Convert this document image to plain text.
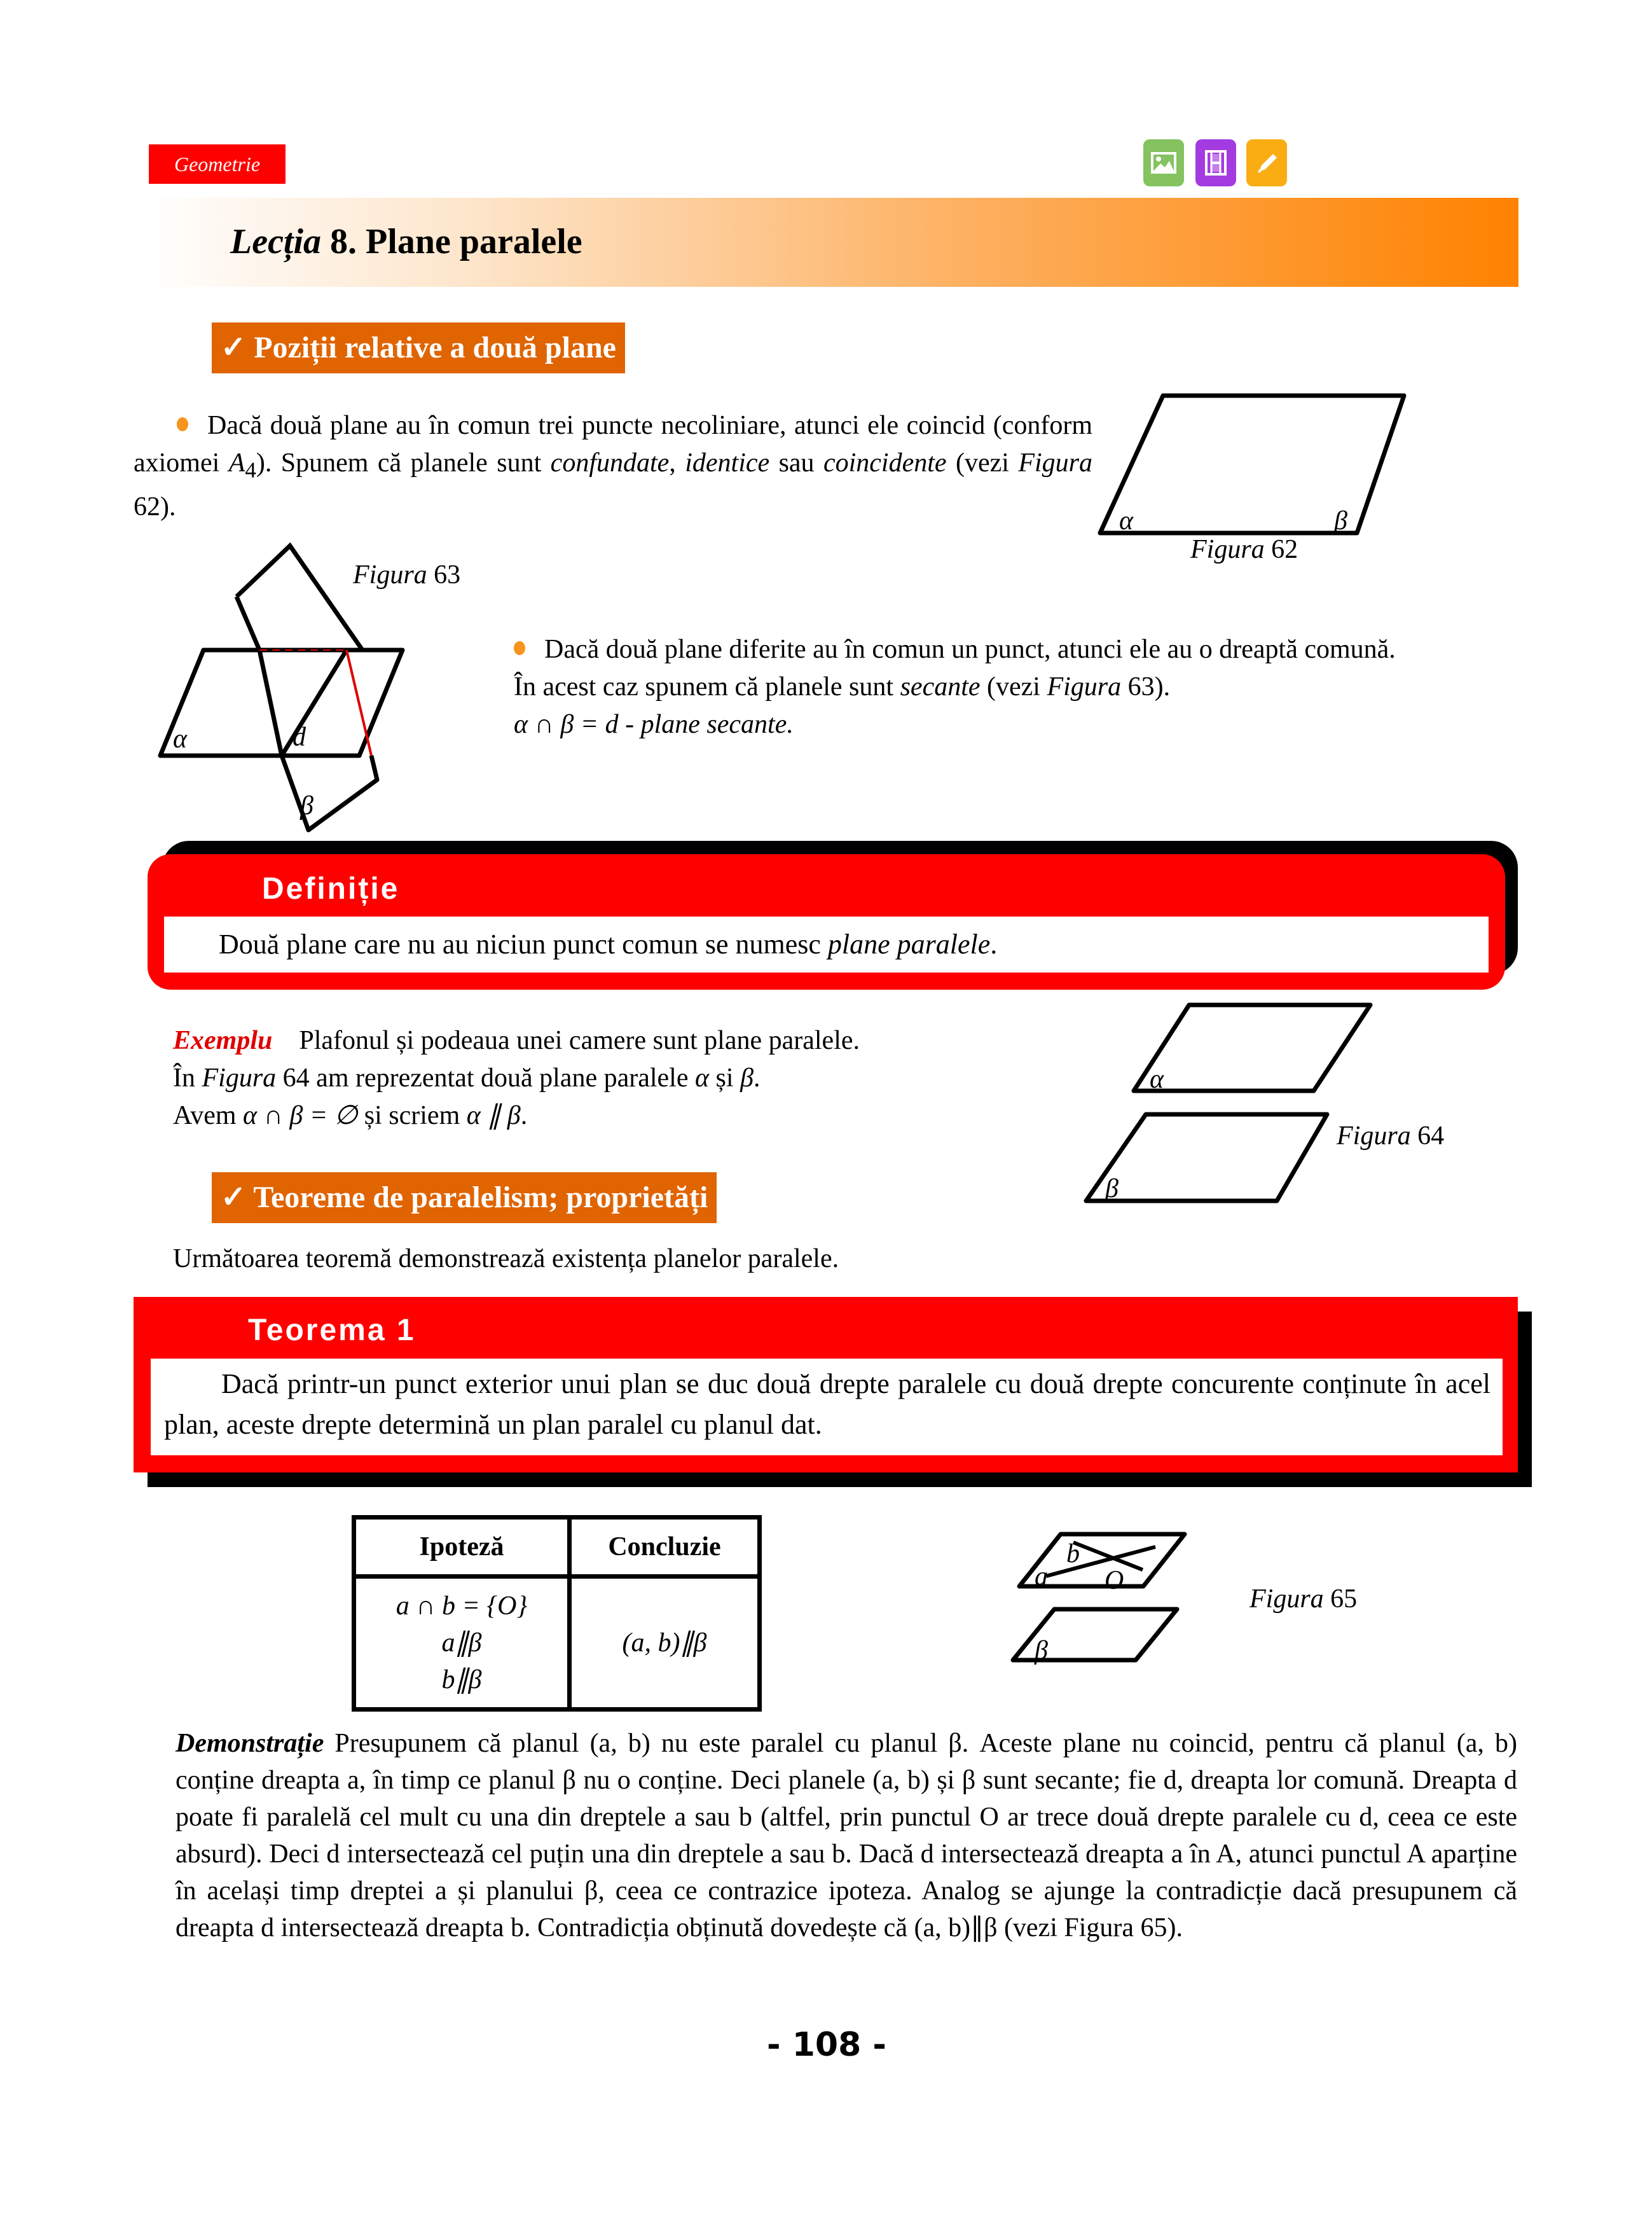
Geometrie
Lecția 8. Plane paralele
✓ Poziții relative a două plane
Dacă două plane au în comun trei puncte necoliniare, atunci ele coincid (conform axiomei $A_4$). Spunem că planele sunt confundate, identice sau coincidente (vezi Figura 62).	α	β
Figura 62
α	d
β
Figura 63
Dacă două plane diferite au în comun un punct, atunci ele au o dreaptă comună.
În acest caz spunem că planele sunt secante (vezi Figura 63).
α ∩ β = d - plane secante.
Definiție
Două plane care nu au niciun punct comun se numesc plane paralele.
Exemplu Plafonul și podeaua unei camere sunt plane paralele.
În Figura 64 am reprezentat două plane paralele α și β.
Avem α ∩ β = ∅ și scriem α ∥ β.
α
β
Figura 64
✓ Teoreme de paralelism; proprietăți
Următoarea teoremă demonstrează existența planelor paralele.
Teorema 1
Dacă printr-un punct exterior unui plan se duc două drepte paralele cu două drepte concurente conținute în acel plan, aceste drepte determină un plan paralel cu planul dat.
Ipoteză	Concluzie

a ∩ b = {O}
a∥β
b∥β	(a, b)∥β
b
a O
β
Figura 65
Demonstrație Presupunem că planul (a, b) nu este paralel cu planul β. Aceste plane nu coincid, pentru că planul (a, b) conține dreapta a, în timp ce planul β nu o conține. Deci planele (a, b) și β sunt secante; fie d, dreapta lor comună. Dreapta d poate fi paralelă cel mult cu una din dreptele a sau b (altfel, prin punctul O ar trece două drepte paralele cu d, ceea ce este absurd). Deci d intersectează cel puțin una din dreptele a sau b. Dacă d intersectează dreapta a în A, atunci punctul A aparține în același timp dreptei a și planului β, ceea ce contrazice ipoteza. Analog se ajunge la contradicție dacă presupunem că dreapta d intersectează dreapta b. Contradicția obținută dovedește că (a, b)∥β (vezi Figura 65).
- 108 -
